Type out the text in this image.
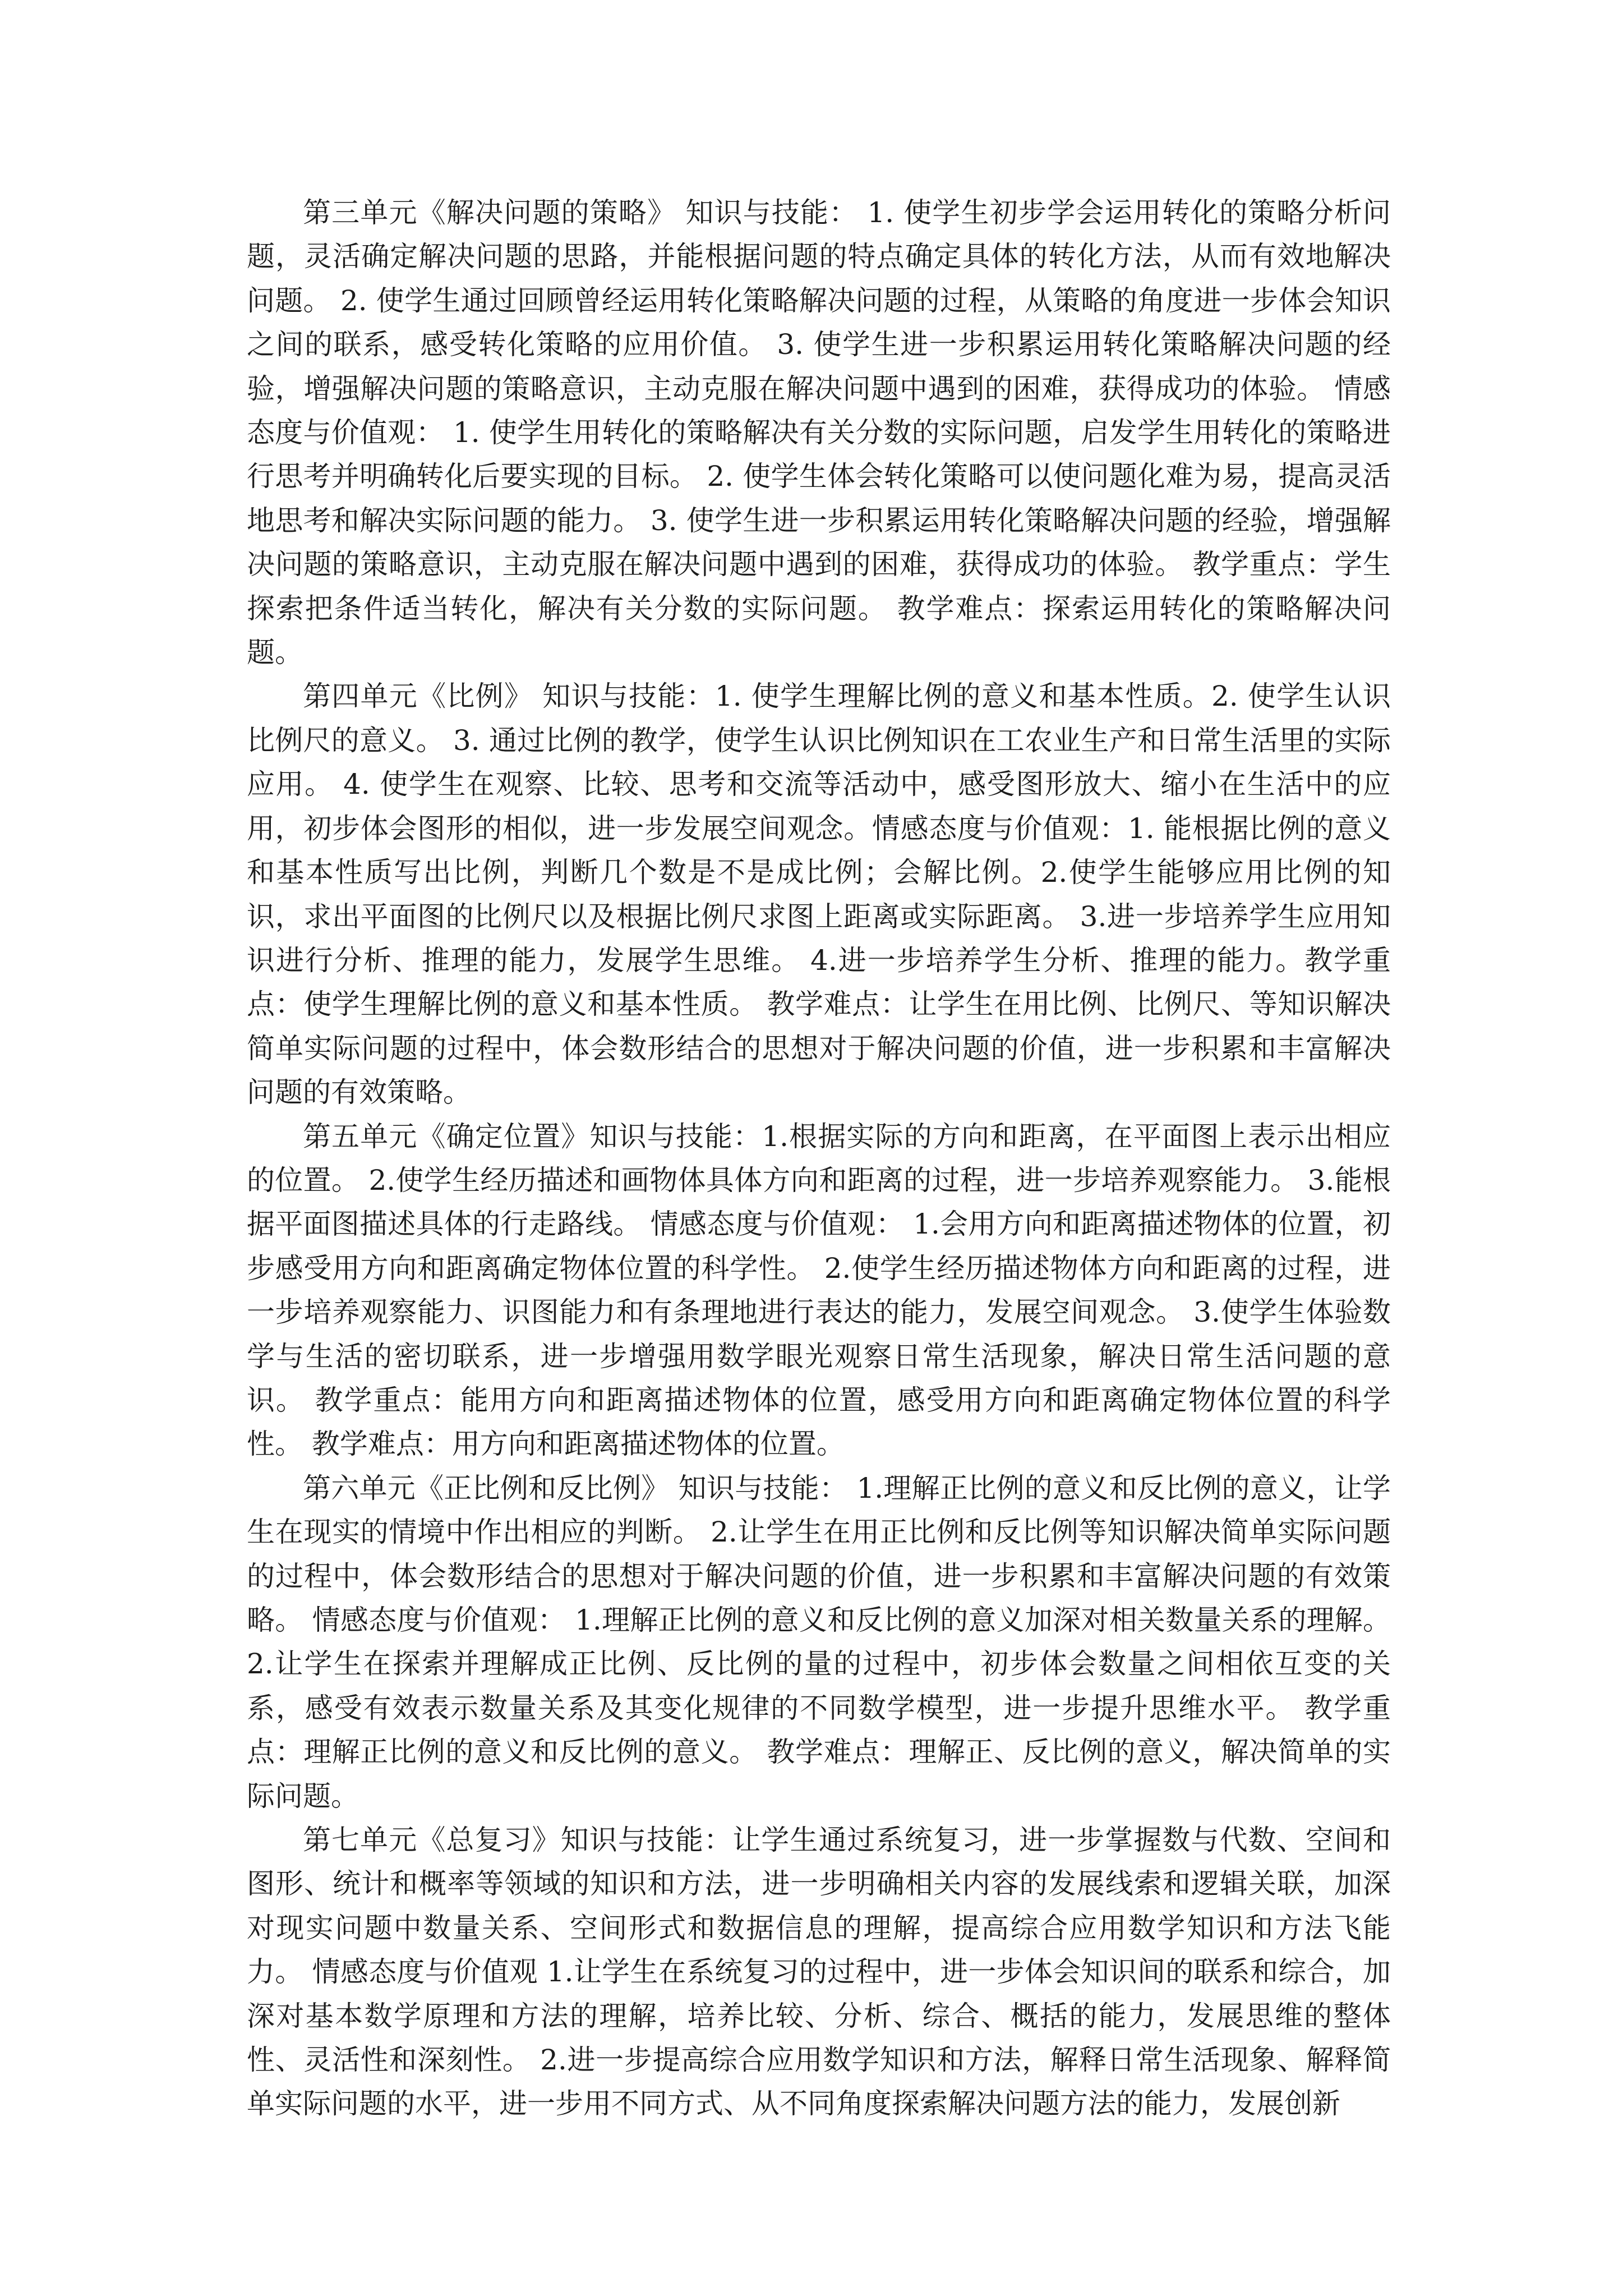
第三单元《解决问题的策略》 知识与技能： 1. 使学生初步学会运用转化的策略分析问题，灵活确定解决问题的思路，并能根据问题的特点确定具体的转化方法，从而有效地解决问题。 2. 使学生通过回顾曾经运用转化策略解决问题的过程，从策略的角度进一步体会知识之间的联系，感受转化策略的应用价值。 3. 使学生进一步积累运用转化策略解决问题的经验，增强解决问题的策略意识，主动克服在解决问题中遇到的困难，获得成功的体验。 情感态度与价值观： 1. 使学生用转化的策略解决有关分数的实际问题，启发学生用转化的策略进行思考并明确转化后要实现的目标。 2. 使学生体会转化策略可以使问题化难为易，提高灵活地思考和解决实际问题的能力。 3. 使学生进一步积累运用转化策略解决问题的经验，增强解决问题的策略意识，主动克服在解决问题中遇到的困难，获得成功的体验。 教学重点：学生探索把条件适当转化，解决有关分数的实际问题。 教学难点：探索运用转化的策略解决问题。

第四单元《比例》 知识与技能：1. 使学生理解比例的意义和基本性质。2. 使学生认识比例尺的意义。 3. 通过比例的教学，使学生认识比例知识在工农业生产和日常生活里的实际应用。 4. 使学生在观察、比较、思考和交流等活动中，感受图形放大、缩小在生活中的应用，初步体会图形的相似，进一步发展空间观念。情感态度与价值观：1. 能根据比例的意义和基本性质写出比例，判断几个数是不是成比例；会解比例。2.使学生能够应用比例的知识，求出平面图的比例尺以及根据比例尺求图上距离或实际距离。 3.进一步培养学生应用知识进行分析、推理的能力，发展学生思维。 4.进一步培养学生分析、推理的能力。教学重点：使学生理解比例的意义和基本性质。 教学难点：让学生在用比例、比例尺、等知识解决简单实际问题的过程中，体会数形结合的思想对于解决问题的价值，进一步积累和丰富解决问题的有效策略。

第五单元《确定位置》知识与技能：1.根据实际的方向和距离，在平面图上表示出相应的位置。 2.使学生经历描述和画物体具体方向和距离的过程，进一步培养观察能力。 3.能根据平面图描述具体的行走路线。 情感态度与价值观： 1.会用方向和距离描述物体的位置，初步感受用方向和距离确定物体位置的科学性。 2.使学生经历描述物体方向和距离的过程，进一步培养观察能力、识图能力和有条理地进行表达的能力，发展空间观念。 3.使学生体验数学与生活的密切联系，进一步增强用数学眼光观察日常生活现象，解决日常生活问题的意识。 教学重点：能用方向和距离描述物体的位置，感受用方向和距离确定物体位置的科学性。 教学难点：用方向和距离描述物体的位置。

第六单元《正比例和反比例》 知识与技能： 1.理解正比例的意义和反比例的意义，让学生在现实的情境中作出相应的判断。 2.让学生在用正比例和反比例等知识解决简单实际问题的过程中，体会数形结合的思想对于解决问题的价值，进一步积累和丰富解决问题的有效策略。 情感态度与价值观： 1.理解正比例的意义和反比例的意义加深对相关数量关系的理解。 2.让学生在探索并理解成正比例、反比例的量的过程中，初步体会数量之间相依互变的关系，感受有效表示数量关系及其变化规律的不同数学模型，进一步提升思维水平。 教学重点：理解正比例的意义和反比例的意义。 教学难点：理解正、反比例的意义，解决简单的实际问题。

第七单元《总复习》知识与技能：让学生通过系统复习，进一步掌握数与代数、空间和图形、统计和概率等领域的知识和方法，进一步明确相关内容的发展线索和逻辑关联，加深对现实问题中数量关系、空间形式和数据信息的理解，提高综合应用数学知识和方法飞能力。 情感态度与价值观 1.让学生在系统复习的过程中，进一步体会知识间的联系和综合，加深对基本数学原理和方法的理解，培养比较、分析、综合、概括的能力，发展思维的整体性、灵活性和深刻性。 2.进一步提高综合应用数学知识和方法，解释日常生活现象、解释简单实际问题的水平，进一步用不同方式、从不同角度探索解决问题方法的能力，发展创新
